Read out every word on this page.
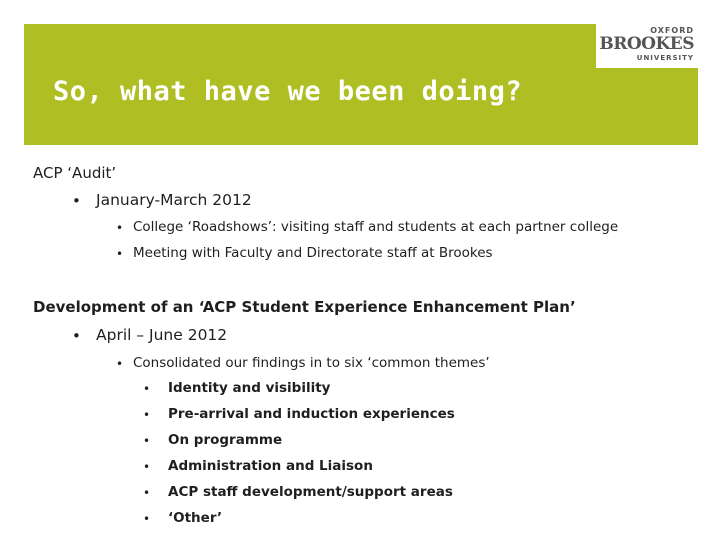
So, what have we been doing?
OXFORD
BROOKES
UNIVERSITY
ACP ‘Audit’
• January-March 2012
• College ‘Roadshows’: visiting staff and students at each partner college
• Meeting with Faculty and Directorate staff at Brookes
Development of an ‘ACP Student Experience Enhancement Plan’
• April – June 2012
• Consolidated our findings in to six ‘common themes’
• Identity and visibility
• Pre-arrival and induction experiences
• On programme
• Administration and Liaison
• ACP staff development/support areas
• ‘Other’
